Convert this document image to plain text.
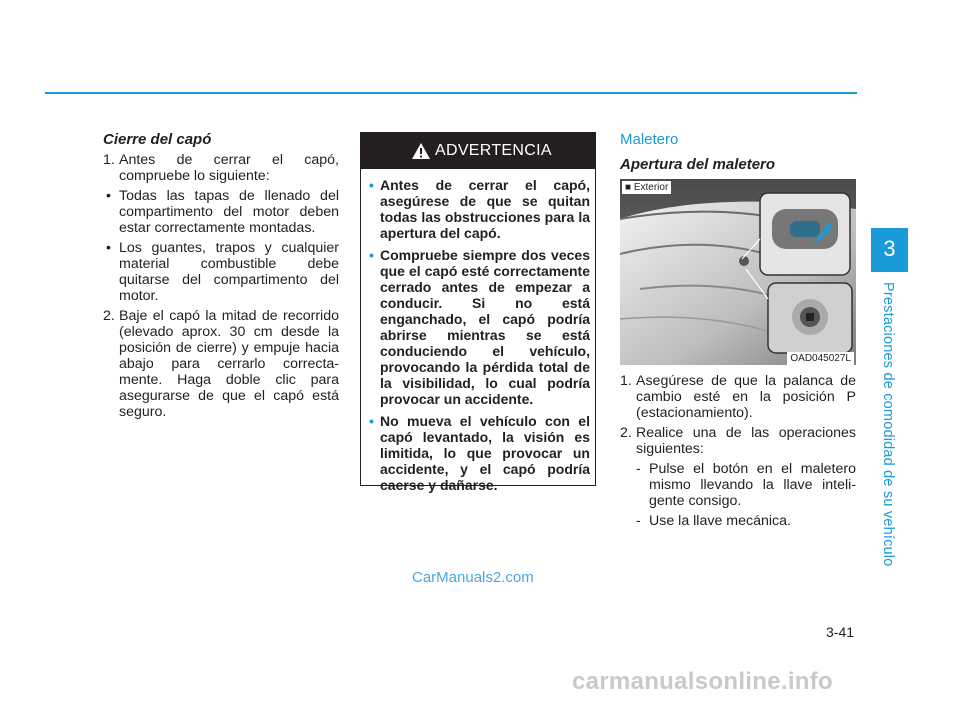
3
Prestaciones de comodidad de su vehículo
Cierre del capó
1. Antes de cerrar el capó, compruebe lo siguiente:
• Todas las tapas de llenado del compartimento del motor deben estar correctamente montadas.
• Los guantes, trapos y cualquier material combustible debe quitarse del compartimento del motor.
2. Baje el capó la mitad de recorrido (elevado aprox. 30 cm desde la posición de cierre) y empuje hacia abajo para cerrarlo correcta-mente. Haga doble clic para asegurarse de que el capó está seguro.
ADVERTENCIA
• Antes de cerrar el capó, asegúrese de que se quitan todas las obstrucciones para la apertura del capó.
• Compruebe siempre dos veces que el capó esté correctamente cerrado antes de empezar a conducir. Si no está enganchado, el capó podría abrirse mientras se está conduciendo el vehículo, provocando la pérdida total de la visibilidad, lo cual podría provocar un accidente.
• No mueva el vehículo con el capó levantado, la visión es limitida, lo que provocar un accidente, y el capó podría caerse y dañarse.
Maletero
Apertura del maletero
■ Exterior
OAD045027L
1. Asegúrese de que la palanca de cambio esté en la posición P (estacionamiento).
2. Realice una de las operaciones siguientes:
- Pulse el botón en el maletero mismo llevando la llave inteli-gente consigo.
- Use la llave mecánica.
CarManuals2.com
3-41
carmanualsonline.info
